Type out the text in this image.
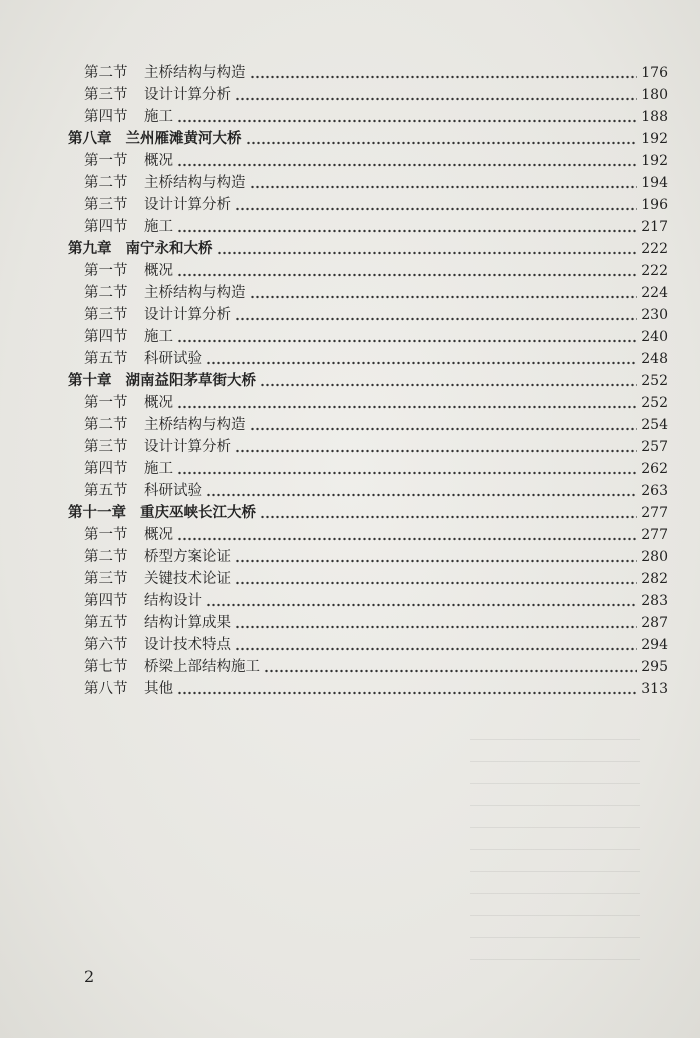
第二节	主桥结构与构造	176
第三节	设计计算分析	180
第四节	施工	188
第八章 兰州雁滩黄河大桥	192
第一节	概况	192
第二节	主桥结构与构造	194
第三节	设计计算分析	196
第四节	施工	217
第九章 南宁永和大桥	222
第一节	概况	222
第二节	主桥结构与构造	224
第三节	设计计算分析	230
第四节	施工	240
第五节	科研试验	248
第十章 湖南益阳茅草街大桥	252
第一节	概况	252
第二节	主桥结构与构造	254
第三节	设计计算分析	257
第四节	施工	262
第五节	科研试验	263
第十一章 重庆巫峡长江大桥	277
第一节	概况	277
第二节	桥型方案论证	280
第三节	关键技术论证	282
第四节	结构设计	283
第五节	结构计算成果	287
第六节	设计技术特点	294
第七节	桥梁上部结构施工	295
第八节	其他	313
2
